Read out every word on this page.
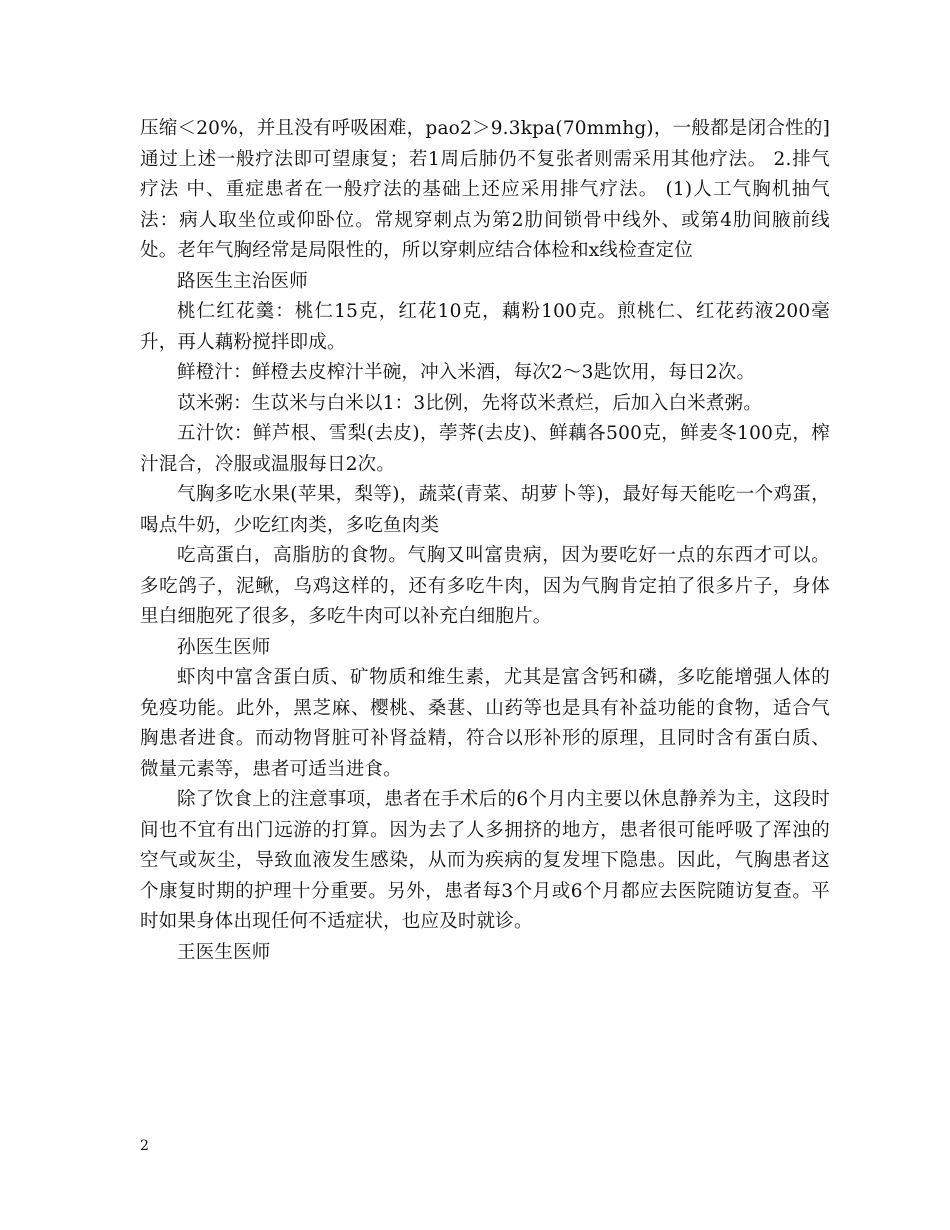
压缩＜20%，并且没有呼吸困难，pao2＞9.3kpa(70mmhg)，一般都是闭合性的]通过上述一般疗法即可望康复；若1周后肺仍不复张者则需采用其他疗法。 2.排气疗法 中、重症患者在一般疗法的基础上还应采用排气疗法。 (1)人工气胸机抽气法：病人取坐位或仰卧位。常规穿刺点为第2肋间锁骨中线外、或第4肋间腋前线处。老年气胸经常是局限性的，所以穿刺应结合体检和x线检查定位

路医生主治医师

桃仁红花羹：桃仁15克，红花10克，藕粉100克。煎桃仁、红花药液200毫升，再人藕粉搅拌即成。

鲜橙汁：鲜橙去皮榨汁半碗，冲入米酒，每次2～3匙饮用，每日2次。

苡米粥：生苡米与白米以1：3比例，先将苡米煮烂，后加入白米煮粥。

五汁饮：鲜芦根、雪梨(去皮)，荸荠(去皮)、鲜藕各500克，鲜麦冬100克，榨汁混合，冷服或温服每日2次。

气胸多吃水果(苹果，梨等)，蔬菜(青菜、胡萝卜等)，最好每天能吃一个鸡蛋，喝点牛奶，少吃红肉类，多吃鱼肉类

吃高蛋白，高脂肪的食物。气胸又叫富贵病，因为要吃好一点的东西才可以。多吃鸽子，泥鳅，乌鸡这样的，还有多吃牛肉，因为气胸肯定拍了很多片子，身体里白细胞死了很多，多吃牛肉可以补充白细胞片。

孙医生医师

虾肉中富含蛋白质、矿物质和维生素，尤其是富含钙和磷，多吃能增强人体的免疫功能。此外，黑芝麻、樱桃、桑葚、山药等也是具有补益功能的食物，适合气胸患者进食。而动物肾脏可补肾益精，符合以形补形的原理，且同时含有蛋白质、微量元素等，患者可适当进食。

除了饮食上的注意事项，患者在手术后的6个月内主要以休息静养为主，这段时间也不宜有出门远游的打算。因为去了人多拥挤的地方，患者很可能呼吸了浑浊的空气或灰尘，导致血液发生感染，从而为疾病的复发埋下隐患。因此，气胸患者这个康复时期的护理十分重要。另外，患者每3个月或6个月都应去医院随访复查。平时如果身体出现任何不适症状，也应及时就诊。

王医生医师

2
